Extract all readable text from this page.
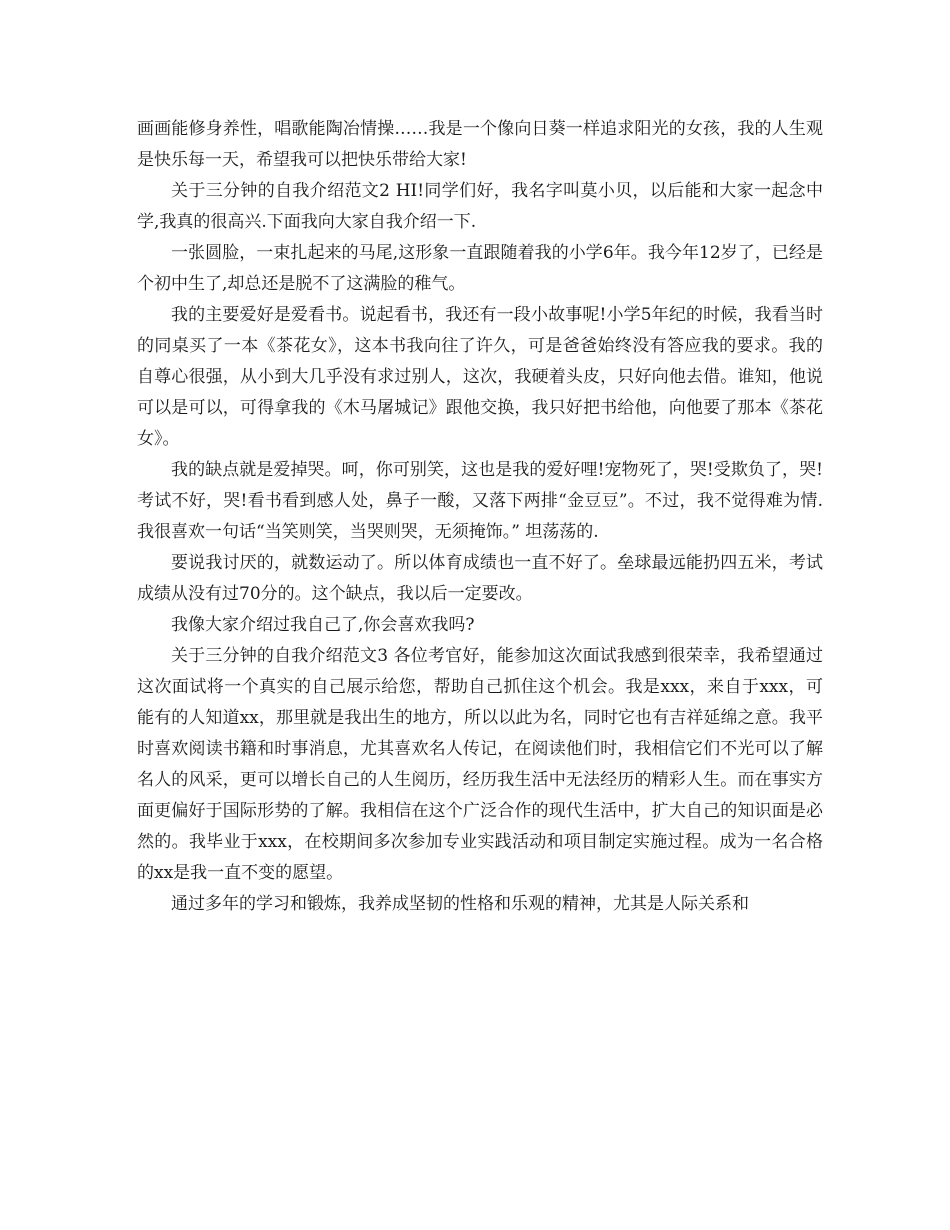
画画能修身养性，唱歌能陶冶情操……我是一个像向日葵一样追求阳光的女孩，我的人生观是快乐每一天，希望我可以把快乐带给大家!

关于三分钟的自我介绍范文2 HI!同学们好，我名字叫莫小贝，以后能和大家一起念中学,我真的很高兴.下面我向大家自我介绍一下.

一张圆脸，一束扎起来的马尾,这形象一直跟随着我的小学6年。我今年12岁了，已经是个初中生了,却总还是脱不了这满脸的稚气。

我的主要爱好是爱看书。说起看书，我还有一段小故事呢!小学5年纪的时候，我看当时的同桌买了一本《茶花女》，这本书我向往了许久，可是爸爸始终没有答应我的要求。我的自尊心很强，从小到大几乎没有求过别人，这次，我硬着头皮，只好向他去借。谁知，他说可以是可以，可得拿我的《木马屠城记》跟他交换，我只好把书给他，向他要了那本《茶花女》。

我的缺点就是爱掉哭。呵，你可别笑，这也是我的爱好哩!宠物死了，哭!受欺负了，哭!考试不好，哭!看书看到感人处，鼻子一酸，又落下两排“金豆豆”。不过，我不觉得难为情.我很喜欢一句话“当笑则笑，当哭则哭，无须掩饰。” 坦荡荡的.

要说我讨厌的，就数运动了。所以体育成绩也一直不好了。垒球最远能扔四五米，考试成绩从没有过70分的。这个缺点，我以后一定要改。

我像大家介绍过我自己了,你会喜欢我吗?

关于三分钟的自我介绍范文3 各位考官好，能参加这次面试我感到很荣幸，我希望通过这次面试将一个真实的自己展示给您，帮助自己抓住这个机会。我是xxx，来自于xxx，可能有的人知道xx，那里就是我出生的地方，所以以此为名，同时它也有吉祥延绵之意。我平时喜欢阅读书籍和时事消息，尤其喜欢名人传记，在阅读他们时，我相信它们不光可以了解名人的风采，更可以增长自己的人生阅历，经历我生活中无法经历的精彩人生。而在事实方面更偏好于国际形势的了解。我相信在这个广泛合作的现代生活中，扩大自己的知识面是必然的。我毕业于xxx，在校期间多次参加专业实践活动和项目制定实施过程。成为一名合格的xx是我一直不变的愿望。

通过多年的学习和锻炼，我养成坚韧的性格和乐观的精神，尤其是人际关系和
